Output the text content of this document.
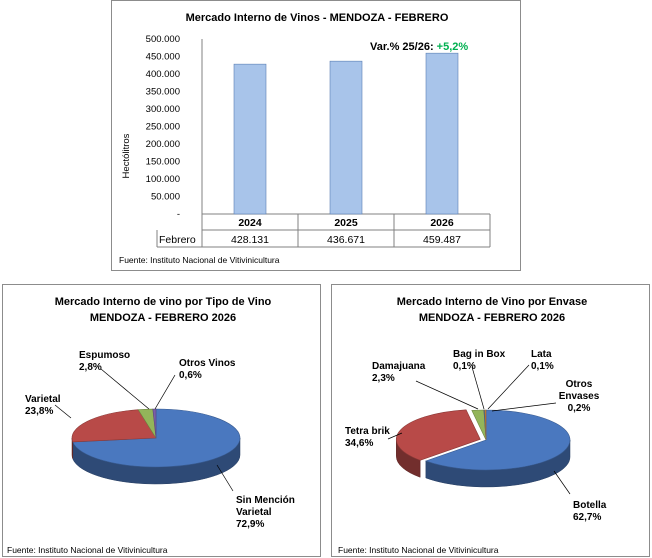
Mercado Interno de Vinos - MENDOZA - FEBRERO
Var.% 25/26: +5,2%
Hectólitros
-
50.000
100.000
150.000
200.000
250.000
300.000
350.000
400.000
450.000
500.000
2024
428.131
2025
436.671
2026
459.487
Febrero
Fuente: Instituto Nacional de Vitivinicultura
Mercado Interno de vino por Tipo de Vino
MENDOZA - FEBRERO 2026
Sin Mención
Varietal
72,9%
Varietal
23,8%
Espumoso
2,8%	Otros Vinos
0,6%
Fuente: Instituto Nacional de Vitivinicultura
Mercado Interno de Vino por Envase
MENDOZA - FEBRERO 2026
Botella
62,7%
Tetra brik
34,6%
Damajuana
2,3%
Bag in Box
0,1%
Lata
0,1%
Otros
Envases
0,2%
Fuente: Instituto Nacional de Vitivinicultura
